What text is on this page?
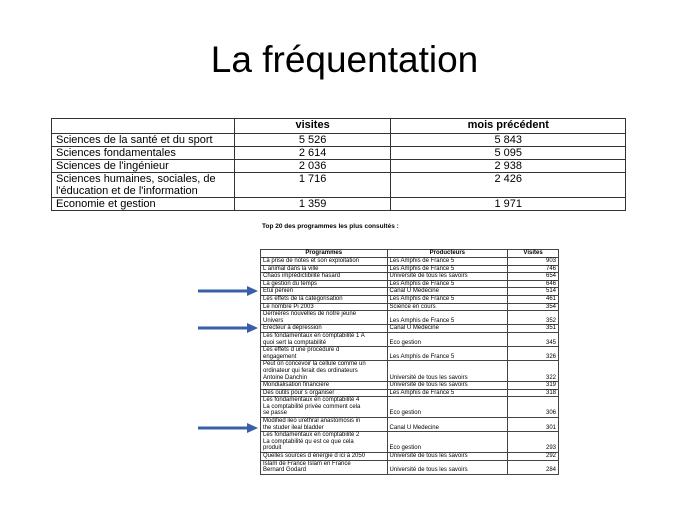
La fréquentation
	visites	mois précédent
Sciences de la santé et du sport	5 526	5 843
Sciences fondamentales	2 614	5 095
Sciences de l'ingénieur	2 036	2 938
Sciences humaines, sociales, de
l'éducation et de l'information	1 716	2 426
Economie et gestion	1 359	1 971
Top 20 des programmes les plus consultés :
Programmes	Producteurs	Visites
La prise de notes et son exploitation	Les Amphis de France 5	903
L animal dans la ville	Les Amphis de France 5	746
Chaos imprédictibilité hasard	Université de tous les savoirs	654
La gestion du temps	Les Amphis de France 5	646
Etui penien	Canal U Medecine	514
Les effets de la catégorisation	Les Amphis de France 5	461
Le nombre Pi 2003	Science en cours	354
Dernières nouvelles de notre jeune
Univers	Les Amphis de France 5	352
Erecteur à dépression	Canal U Medecine	351
Les fondamentaux en comptabilité 1 A
quoi sert la comptabilité	Eco gestion	345
Les effets d une procédure d
engagement	Les Amphis de France 5	326
Peut on concevoir la cellule comme un
ordinateur qui ferait des ordinateurs
Antoine Danchin	Université de tous les savoirs	322
Mondialisation financière	Université de tous les savoirs	319
Des outils pour s organiser	Les Amphis de France 5	318
Les fondamentaux en comptabilité 4
La comptabilité privée comment cela
se passe	Eco gestion	306
Modified ileo urethral anastomosis in
the studer ileal bladder	Canal U Medecine	301
Les fondamentaux en comptabilité 2
La comptabilité qu est ce que cela
produit	Eco gestion	293
Quelles sources d énergie d ici à 2050	Université de tous les savoirs	292
Islam de France Islam en France
Bernard Godard	Université de tous les savoirs	284
